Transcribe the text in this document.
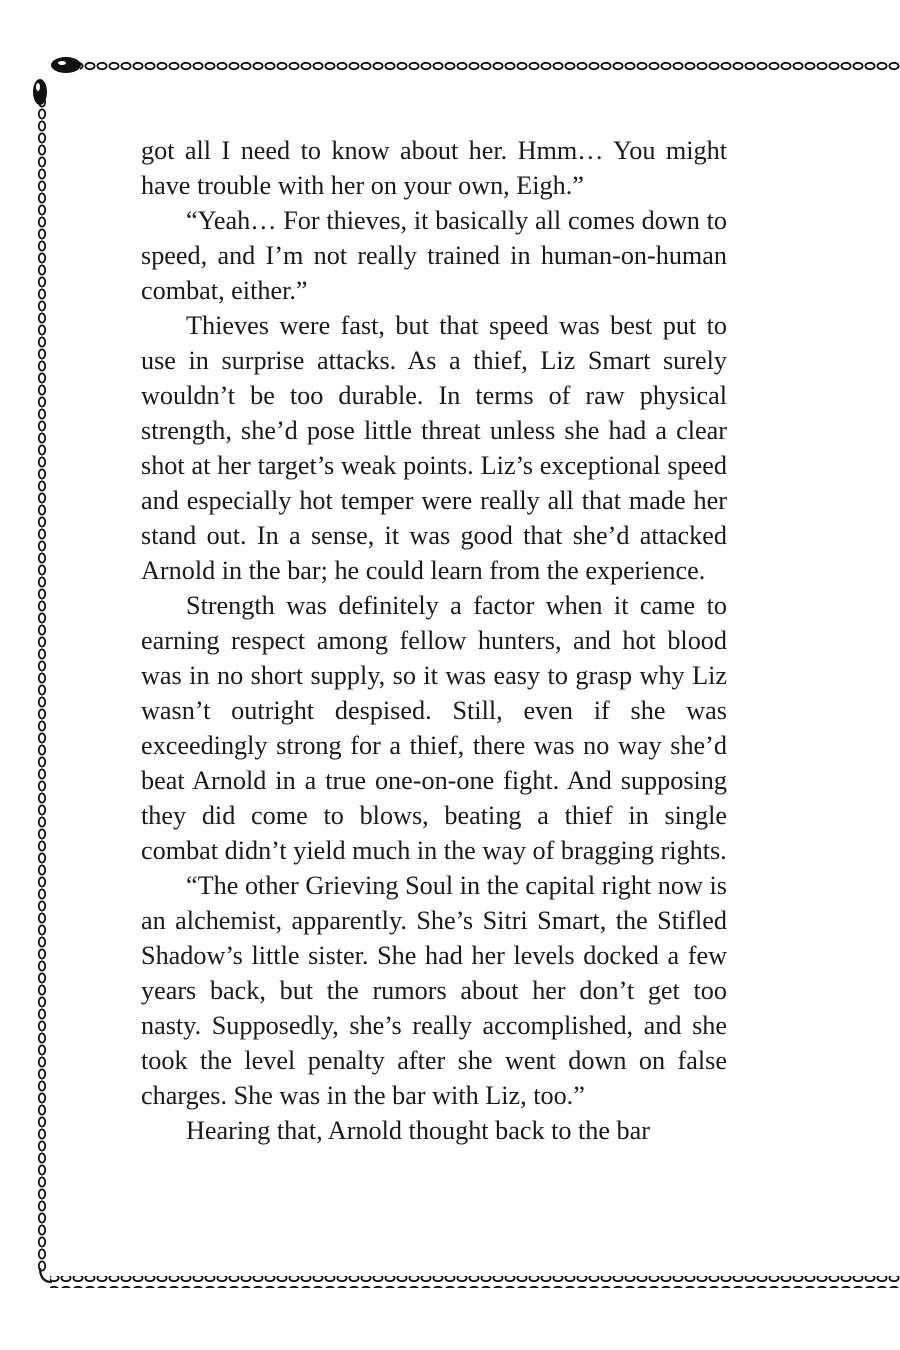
got all I need to know about her. Hmm… You might have trouble with her on your own, Eigh.”

“Yeah… For thieves, it basically all comes down to speed, and I’m not really trained in human-on-human combat, either.”

Thieves were fast, but that speed was best put to use in surprise attacks. As a thief, Liz Smart surely wouldn’t be too durable. In terms of raw physical strength, she’d pose little threat unless she had a clear shot at her target’s weak points. Liz’s exceptional speed and especially hot temper were really all that made her stand out. In a sense, it was good that she’d attacked Arnold in the bar; he could learn from the experience.

Strength was definitely a factor when it came to earning respect among fellow hunters, and hot blood was in no short supply, so it was easy to grasp why Liz wasn’t outright despised. Still, even if she was exceedingly strong for a thief, there was no way she’d beat Arnold in a true one-on-one fight. And supposing they did come to blows, beating a thief in single combat didn’t yield much in the way of bragging rights.

“The other Grieving Soul in the capital right now is an alchemist, apparently. She’s Sitri Smart, the Stifled Shadow’s little sister. She had her levels docked a few years back, but the rumors about her don’t get too nasty. Supposedly, she’s really accomplished, and she took the level penalty after she went down on false charges. She was in the bar with Liz, too.”

Hearing that, Arnold thought back to the bar
